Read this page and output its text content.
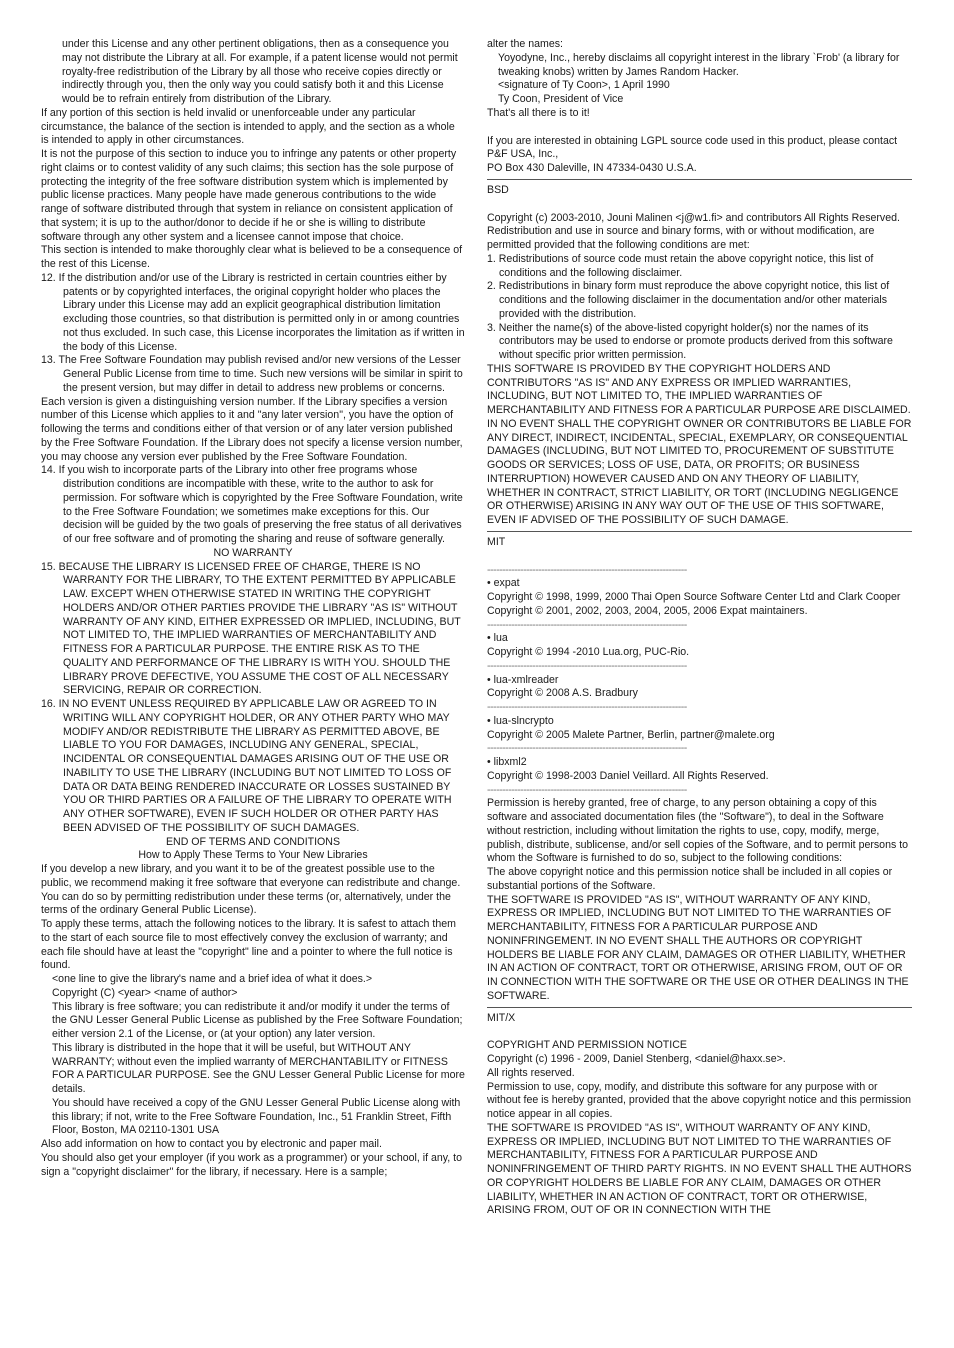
under this License and any other pertinent obligations, then as a consequence you may not distribute the Library at all. For example, if a patent license would not permit royalty-free redistribution of the Library by all those who receive copies directly or indirectly through you, then the only way you could satisfy both it and this License would be to refrain entirely from distribution of the Library.

If any portion of this section is held invalid or unenforceable under any particular circumstance, the balance of the section is intended to apply, and the section as a whole is intended to apply in other circumstances.

It is not the purpose of this section to induce you to infringe any patents or other property right claims or to contest validity of any such claims; this section has the sole purpose of protecting the integrity of the free software distribution system which is implemented by public license practices. Many people have made generous contributions to the wide range of software distributed through that system in reliance on consistent application of that system; it is up to the author/donor to decide if he or she is willing to distribute software through any other system and a licensee cannot impose that choice.

This section is intended to make thoroughly clear what is believed to be a consequence of the rest of this License.

12. If the distribution and/or use of the Library is restricted in certain countries either by patents or by copyrighted interfaces, the original copyright holder who places the Library under this License may add an explicit geographical distribution limitation excluding those countries, so that distribution is permitted only in or among countries not thus excluded. In such case, this License incorporates the limitation as if written in the body of this License.

13. The Free Software Foundation may publish revised and/or new versions of the Lesser General Public License from time to time. Such new versions will be similar in spirit to the present version, but may differ in detail to address new problems or concerns.

Each version is given a distinguishing version number. If the Library specifies a version number of this License which applies to it and "any later version", you have the option of following the terms and conditions either of that version or of any later version published by the Free Software Foundation. If the Library does not specify a license version number, you may choose any version ever published by the Free Software Foundation.

14. If you wish to incorporate parts of the Library into other free programs whose distribution conditions are incompatible with these, write to the author to ask for permission. For software which is copyrighted by the Free Software Foundation, write to the Free Software Foundation; we sometimes make exceptions for this. Our decision will be guided by the two goals of preserving the free status of all derivatives of our free software and of promoting the sharing and reuse of software generally.

NO WARRANTY

15. BECAUSE THE LIBRARY IS LICENSED FREE OF CHARGE, THERE IS NO WARRANTY FOR THE LIBRARY, TO THE EXTENT PERMITTED BY APPLICABLE LAW. EXCEPT WHEN OTHERWISE STATED IN WRITING THE COPYRIGHT HOLDERS AND/OR OTHER PARTIES PROVIDE THE LIBRARY "AS IS" WITHOUT WARRANTY OF ANY KIND, EITHER EXPRESSED OR IMPLIED, INCLUDING, BUT NOT LIMITED TO, THE IMPLIED WARRANTIES OF MERCHANTABILITY AND FITNESS FOR A PARTICULAR PURPOSE. THE ENTIRE RISK AS TO THE QUALITY AND PERFORMANCE OF THE LIBRARY IS WITH YOU. SHOULD THE LIBRARY PROVE DEFECTIVE, YOU ASSUME THE COST OF ALL NECESSARY SERVICING, REPAIR OR CORRECTION.

16. IN NO EVENT UNLESS REQUIRED BY APPLICABLE LAW OR AGREED TO IN WRITING WILL ANY COPYRIGHT HOLDER, OR ANY OTHER PARTY WHO MAY MODIFY AND/OR REDISTRIBUTE THE LIBRARY AS PERMITTED ABOVE, BE LIABLE TO YOU FOR DAMAGES, INCLUDING ANY GENERAL, SPECIAL, INCIDENTAL OR CONSEQUENTIAL DAMAGES ARISING OUT OF THE USE OR INABILITY TO USE THE LIBRARY (INCLUDING BUT NOT LIMITED TO LOSS OF DATA OR DATA BEING RENDERED INACCURATE OR LOSSES SUSTAINED BY YOU OR THIRD PARTIES OR A FAILURE OF THE LIBRARY TO OPERATE WITH ANY OTHER SOFTWARE), EVEN IF SUCH HOLDER OR OTHER PARTY HAS BEEN ADVISED OF THE POSSIBILITY OF SUCH DAMAGES.

END OF TERMS AND CONDITIONS

How to Apply These Terms to Your New Libraries

If you develop a new library, and you want it to be of the greatest possible use to the public, we recommend making it free software that everyone can redistribute and change. You can do so by permitting redistribution under these terms (or, alternatively, under the terms of the ordinary General Public License).

To apply these terms, attach the following notices to the library. It is safest to attach them to the start of each source file to most effectively convey the exclusion of warranty; and each file should have at least the "copyright" line and a pointer to where the full notice is found.

<one line to give the library's name and a brief idea of what it does.>

Copyright (C) <year> <name of author>

This library is free software; you can redistribute it and/or modify it under the terms of the GNU Lesser General Public License as published by the Free Software Foundation; either version 2.1 of the License, or (at your option) any later version.

This library is distributed in the hope that it will be useful, but WITHOUT ANY WARRANTY; without even the implied warranty of MERCHANTABILITY or FITNESS FOR A PARTICULAR PURPOSE. See the GNU Lesser General Public License for more details.

You should have received a copy of the GNU Lesser General Public License along with this library; if not, write to the Free Software Foundation, Inc., 51 Franklin Street, Fifth Floor, Boston, MA 02110-1301 USA

Also add information on how to contact you by electronic and paper mail.

You should also get your employer (if you work as a programmer) or your school, if any, to sign a "copyright disclaimer" for the library, if necessary. Here is a sample;

alter the names:

Yoyodyne, Inc., hereby disclaims all copyright interest in the library `Frob' (a library for tweaking knobs) written by James Random Hacker.

<signature of Ty Coon>, 1 April 1990

Ty Coon, President of Vice

That's all there is to it!

If you are interested in obtaining LGPL source code used in this product, please contact P&F USA, Inc.,

PO Box 430 Daleville, IN 47334-0430 U.S.A.

BSD

Copyright (c) 2003-2010, Jouni Malinen <j@w1.fi> and contributors All Rights Reserved.

Redistribution and use in source and binary forms, with or without modification, are permitted provided that the following conditions are met:

1. Redistributions of source code must retain the above copyright notice, this list of conditions and the following disclaimer.

2. Redistributions in binary form must reproduce the above copyright notice, this list of conditions and the following disclaimer in the documentation and/or other materials provided with the distribution.

3. Neither the name(s) of the above-listed copyright holder(s) nor the names of its contributors may be used to endorse or promote products derived from this software without specific prior written permission.

THIS SOFTWARE IS PROVIDED BY THE COPYRIGHT HOLDERS AND CONTRIBUTORS "AS IS" AND ANY EXPRESS OR IMPLIED WARRANTIES, INCLUDING, BUT NOT LIMITED TO, THE IMPLIED WARRANTIES OF MERCHANTABILITY AND FITNESS FOR A PARTICULAR PURPOSE ARE DISCLAIMED.

IN NO EVENT SHALL THE COPYRIGHT OWNER OR CONTRIBUTORS BE LIABLE FOR ANY DIRECT, INDIRECT, INCIDENTAL, SPECIAL, EXEMPLARY, OR CONSEQUENTIAL DAMAGES (INCLUDING, BUT NOT LIMITED TO, PROCUREMENT OF SUBSTITUTE GOODS OR SERVICES; LOSS OF USE, DATA, OR PROFITS; OR BUSINESS INTERRUPTION) HOWEVER CAUSED AND ON ANY THEORY OF LIABILITY, WHETHER IN CONTRACT, STRICT LIABILITY, OR TORT (INCLUDING NEGLIGENCE OR OTHERWISE) ARISING IN ANY WAY OUT OF THE USE OF THIS SOFTWARE, EVEN IF ADVISED OF THE POSSIBILITY OF SUCH DAMAGE.

MIT

------------------------------------------------------------------

• expat

Copyright © 1998, 1999, 2000 Thai Open Source Software Center Ltd and Clark Cooper

Copyright © 2001, 2002, 2003, 2004, 2005, 2006 Expat maintainers.

------------------------------------------------------------------

• lua

Copyright © 1994 -2010 Lua.org, PUC-Rio.

------------------------------------------------------------------

• lua-xmlreader

Copyright © 2008 A.S. Bradbury

------------------------------------------------------------------

• lua-slncrypto

Copyright © 2005 Malete Partner, Berlin, partner@malete.org

------------------------------------------------------------------

• libxml2

Copyright © 1998-2003 Daniel Veillard. All Rights Reserved.

------------------------------------------------------------------

Permission is hereby granted, free of charge, to any person obtaining a copy of this software and associated documentation files (the "Software"), to deal in the Software without restriction, including without limitation the rights to use, copy, modify, merge, publish, distribute, sublicense, and/or sell copies of the Software, and to permit persons to whom the Software is furnished to do so, subject to the following conditions:

The above copyright notice and this permission notice shall be included in all copies or substantial portions of the Software.

THE SOFTWARE IS PROVIDED "AS IS", WITHOUT WARRANTY OF ANY KIND, EXPRESS OR IMPLIED, INCLUDING BUT NOT LIMITED TO THE WARRANTIES OF MERCHANTABILITY, FITNESS FOR A PARTICULAR PURPOSE AND NONINFRINGEMENT. IN NO EVENT SHALL THE AUTHORS OR COPYRIGHT HOLDERS BE LIABLE FOR ANY CLAIM, DAMAGES OR OTHER LIABILITY, WHETHER IN AN ACTION OF CONTRACT, TORT OR OTHERWISE, ARISING FROM, OUT OF OR IN CONNECTION WITH THE SOFTWARE OR THE USE OR OTHER DEALINGS IN THE SOFTWARE.

MIT/X

COPYRIGHT AND PERMISSION NOTICE

Copyright (c) 1996 - 2009, Daniel Stenberg, <daniel@haxx.se>.

All rights reserved.

Permission to use, copy, modify, and distribute this software for any purpose with or without fee is hereby granted, provided that the above copyright notice and this permission notice appear in all copies.

THE SOFTWARE IS PROVIDED "AS IS", WITHOUT WARRANTY OF ANY KIND, EXPRESS OR IMPLIED, INCLUDING BUT NOT LIMITED TO THE WARRANTIES OF MERCHANTABILITY, FITNESS FOR A PARTICULAR PURPOSE AND NONINFRINGEMENT OF THIRD PARTY RIGHTS. IN NO EVENT SHALL THE AUTHORS OR COPYRIGHT HOLDERS BE LIABLE FOR ANY CLAIM, DAMAGES OR OTHER LIABILITY, WHETHER IN AN ACTION OF CONTRACT, TORT OR OTHERWISE, ARISING FROM, OUT OF OR IN CONNECTION WITH THE
